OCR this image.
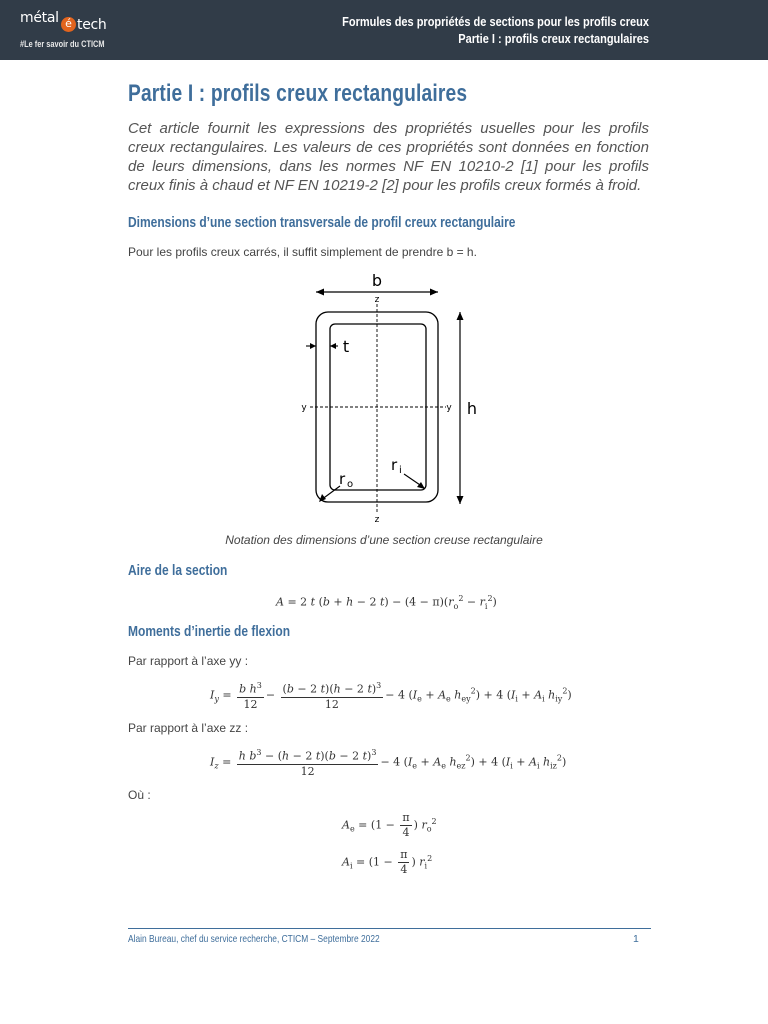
métal é tech
#Le fer savoir du CTICM
Formules des propriétés de sections pour les profils creux
Partie I : profils creux rectangulaires
Partie I : profils creux rectangulaires

Cet article fournit les expressions des propriétés usuelles pour les profils creux rectangulaires. Les valeurs de ces propriétés sont données en fonction de leurs dimensions, dans les normes NF EN 10210-2 [1] pour les profils creux finis à chaud et NF EN 10219-2 [2] pour les profils creux formés à froid.

Dimensions d’une section transversale de profil creux rectangulaire
Pour les profils creux carrés, il suffit simplement de prendre b = h.
b
z
y	y
z
h
t
r o
r i
Notation des dimensions d’une section creuse rectangulaire
Aire de la section
A = 2 t (b + h − 2 $t) - (4 - \pi)(r_o^2 - r_i^2)$
Moments d’inertie de flexion
Par rapport à l’axe yy :
$I_y = \frac{b h^3}{12} - \frac{(b - 2 t)(h - 2 t)^3}{12} - 4$ ($I_e + A_e$ $h_{ey}^2) + 4$ ($I_i + A_i$ $h_{iy}^2$)
Par rapport à l’axe zz :
$I_z = \frac{h b^3 - (h - 2 t)(b - 2 t)^3}{12} - 4$ ($I_e + A_e$ $h_{ez}^2) + 4$ ($I_i + A_i$ $h_{iz}^2$)
Où :
$A_e = (1 - \frac{\pi}{4}$ ) $r_o^2$
$A_i = (1 - \frac{\pi}{4}$ ) $r_i^2$
Alain Bureau, chef du service recherche, CTICM – Septembre 2022	1
